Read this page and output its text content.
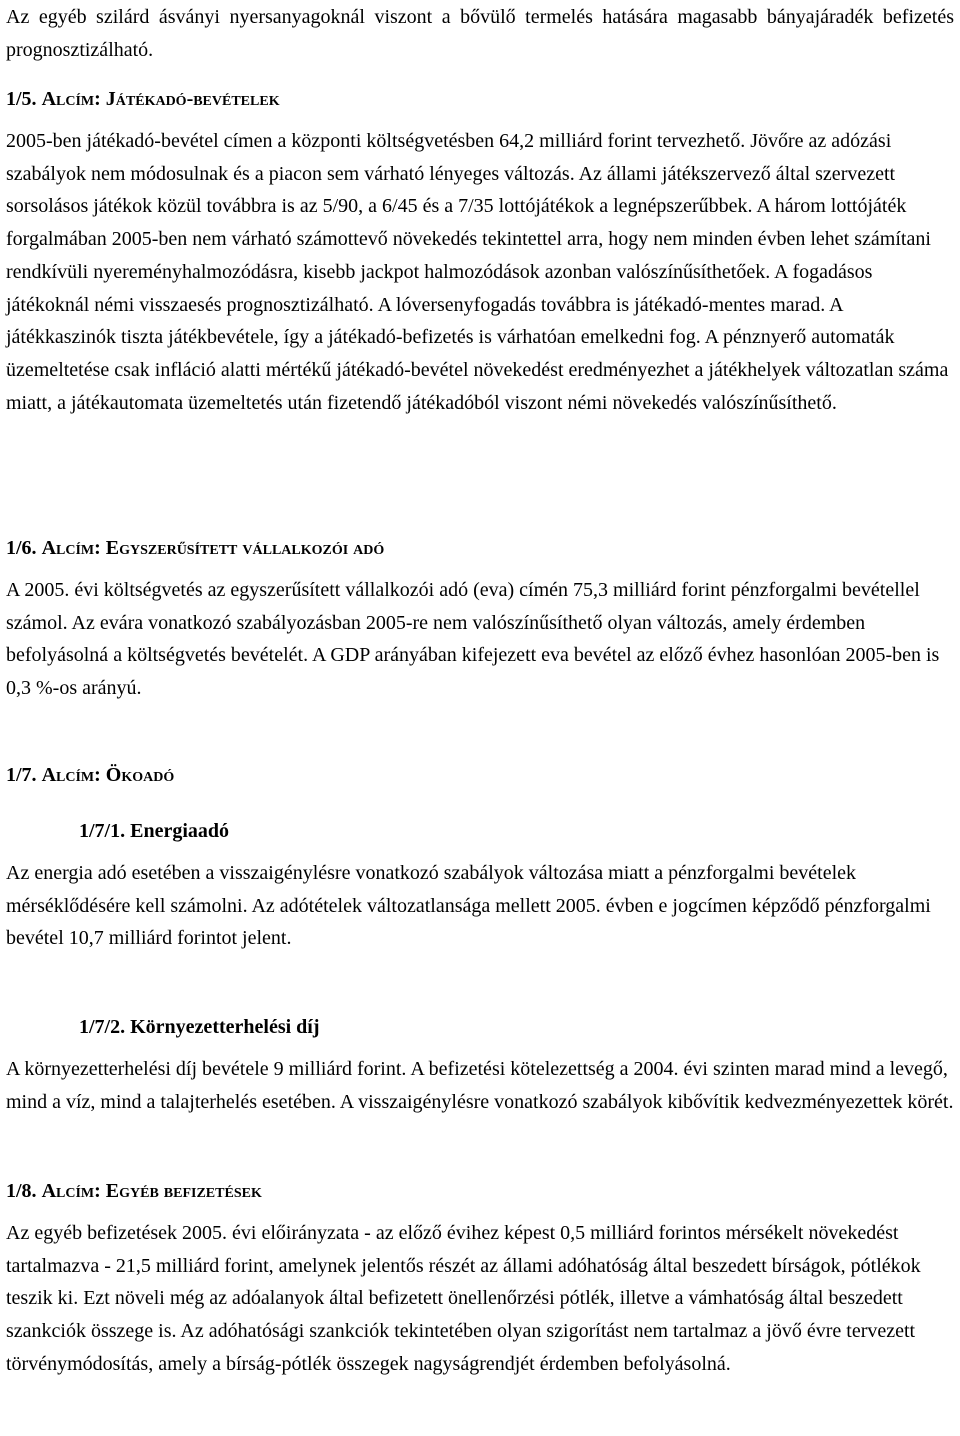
Az egyéb szilárd ásványi nyersanyagoknál viszont a bővülő termelés hatására magasabb bányajáradék befizetés prognosztizálható.

1/5. Alcím: Játékadó-bevételek

2005-ben játékadó-bevétel címen a központi költségvetésben 64,2 milliárd forint tervezhető. Jövőre az adózási szabályok nem módosulnak és a piacon sem várható lényeges változás. Az állami játékszervező által szervezett sorsolásos játékok közül továbbra is az 5/90, a 6/45 és a 7/35 lottójátékok a legnépszerűbbek. A három lottójáték forgalmában 2005-ben nem várható számottevő növekedés tekintettel arra, hogy nem minden évben lehet számítani rendkívüli nyereményhalmozódásra, kisebb jackpot halmozódások azonban valószínűsíthetőek. A fogadásos játékoknál némi visszaesés prognosztizálható. A lóversenyfogadás továbbra is játékadó-mentes marad. A játékkaszinók tiszta játékbevétele, így a játékadó-befizetés is várhatóan emelkedni fog. A pénznyerő automaták üzemeltetése csak infláció alatti mértékű játékadó-bevétel növekedést eredményezhet a játékhelyek változatlan száma miatt, a játékautomata üzemeltetés után fizetendő játékadóból viszont némi növekedés valószínűsíthető.

1/6. Alcím: Egyszerűsített vállalkozói adó

A 2005. évi költségvetés az egyszerűsített vállalkozói adó (eva) címén 75,3 milliárd forint pénzforgalmi bevétellel számol. Az evára vonatkozó szabályozásban 2005-re nem valószínűsíthető olyan változás, amely érdemben befolyásolná a költségvetés bevételét. A GDP arányában kifejezett eva bevétel az előző évhez hasonlóan 2005-ben is 0,3 %-os arányú.

1/7. Alcím: Ökoadó
1/7/1. Energiaadó

Az energia adó esetében a visszaigénylésre vonatkozó szabályok változása miatt a pénzforgalmi bevételek mérséklődésére kell számolni. Az adótételek változatlansága mellett 2005. évben e jogcímen képződő pénzforgalmi bevétel 10,7 milliárd forintot jelent.

1/7/2. Környezetterhelési díj

A környezetterhelési díj bevétele 9 milliárd forint. A befizetési kötelezettség a 2004. évi szinten marad mind a levegő, mind a víz, mind a talajterhelés esetében. A visszaigénylésre vonatkozó szabályok kibővítik kedvezményezettek körét.

1/8. Alcím: Egyéb befizetések

Az egyéb befizetések 2005. évi előirányzata - az előző évihez képest 0,5 milliárd forintos mérsékelt növekedést tartalmazva - 21,5 milliárd forint, amelynek jelentős részét az állami adóhatóság által beszedett bírságok, pótlékok teszik ki. Ezt növeli még az adóalanyok által befizetett önellenőrzési pótlék, illetve a vámhatóság által beszedett szankciók összege is. Az adóhatósági szankciók tekintetében olyan szigorítást nem tartalmaz a jövő évre tervezett törvénymódosítás, amely a bírság-pótlék összegek nagyságrendjét érdemben befolyásolná.
